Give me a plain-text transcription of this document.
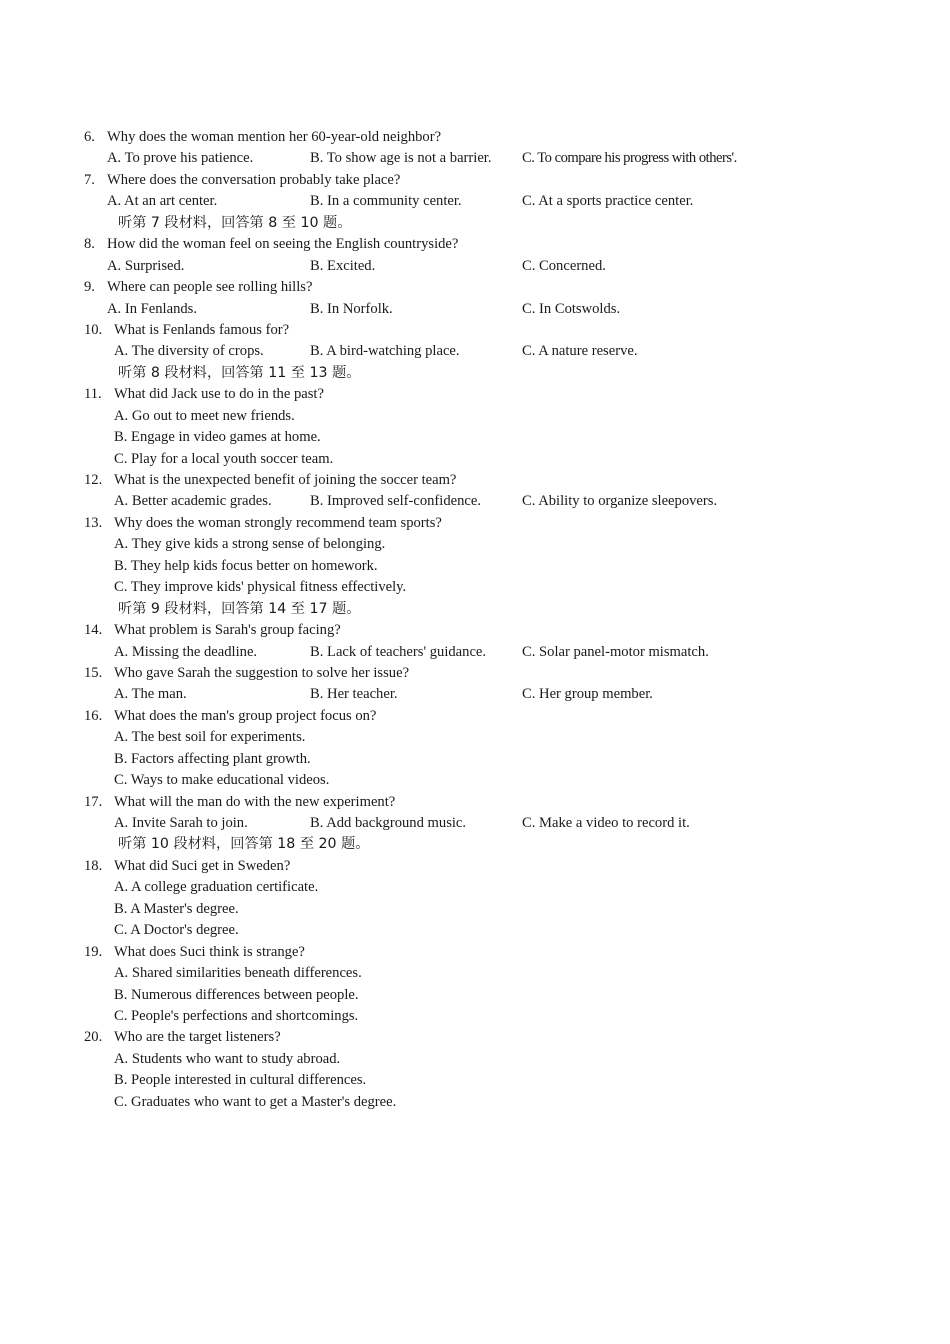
6. Why does the woman mention her 60-year-old neighbor?
A. To prove his patience.	B. To show age is not a barrier. C. To compare his progress with others'.
7. Where does the conversation probably take place?
A. At an art center.	B. In a community center.	C. At a sports practice center.
听第 7 段材料，回答第 8 至 10 题。
8. How did the woman feel on seeing the English countryside?
A. Surprised.	B. Excited.	C. Concerned.
9. Where can people see rolling hills?
A. In Fenlands.	B. In Norfolk.	C. In Cotswolds.
10. What is Fenlands famous for?
A. The diversity of crops.	B. A bird-watching place.	C. A nature reserve.
听第 8 段材料，回答第 11 至 13 题。
11. What did Jack use to do in the past?
A. Go out to meet new friends.
B. Engage in video games at home.
C. Play for a local youth soccer team.
12. What is the unexpected benefit of joining the soccer team?
A. Better academic grades.	B. Improved self-confidence.	C. Ability to organize sleepovers.
13. Why does the woman strongly recommend team sports?
A. They give kids a strong sense of belonging.
B. They help kids focus better on homework.
C. They improve kids' physical fitness effectively.
听第 9 段材料，回答第 14 至 17 题。
14. What problem is Sarah's group facing?
A. Missing the deadline.	B. Lack of teachers' guidance. C. Solar panel-motor mismatch.
15. Who gave Sarah the suggestion to solve her issue?
A. The man.	B. Her teacher.	C. Her group member.
16. What does the man's group project focus on?
A. The best soil for experiments.
B. Factors affecting plant growth.
C. Ways to make educational videos.
17. What will the man do with the new experiment?
A. Invite Sarah to join.	B. Add background music.	C. Make a video to record it.
听第 10 段材料，回答第 18 至 20 题。
18. What did Suci get in Sweden?
A. A college graduation certificate.
B. A Master's degree.
C. A Doctor's degree.
19. What does Suci think is strange?
A. Shared similarities beneath differences.
B. Numerous differences between people.
C. People's perfections and shortcomings.
20. Who are the target listeners?
A. Students who want to study abroad.
B. People interested in cultural differences.
C. Graduates who want to get a Master's degree.
